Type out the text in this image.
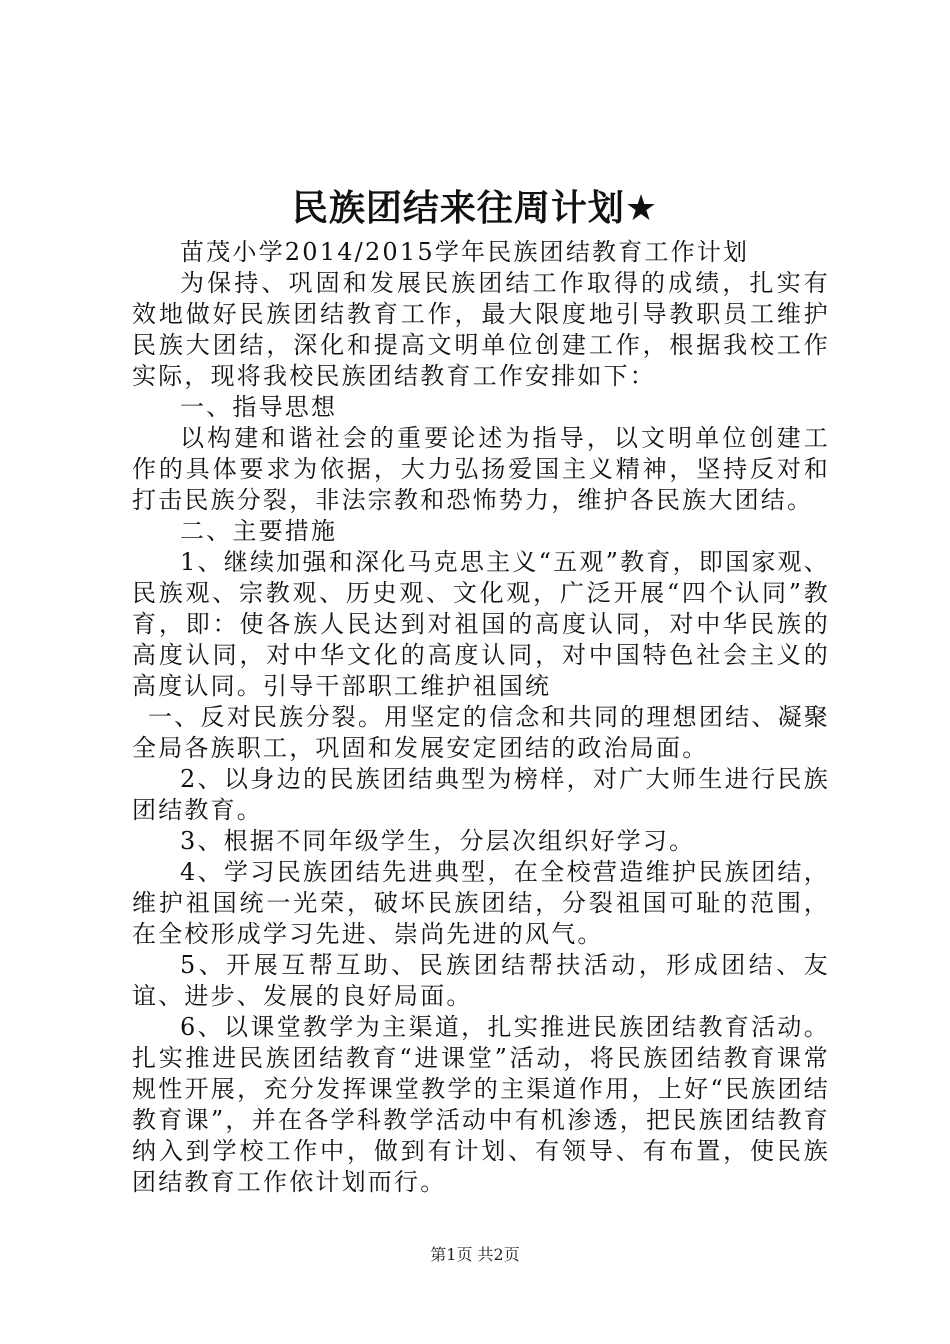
民族团结来往周计划★

苗茂小学2014/2015学年民族团结教育工作计划

为保持、巩固和发展民族团结工作取得的成绩，扎实有效地做好民族团结教育工作，最大限度地引导教职员工维护民族大团结，深化和提高文明单位创建工作，根据我校工作实际，现将我校民族团结教育工作安排如下：

一、指导思想

以构建和谐社会的重要论述为指导，以文明单位创建工作的具体要求为依据，大力弘扬爱国主义精神，坚持反对和打击民族分裂，非法宗教和恐怖势力，维护各民族大团结。

二、主要措施

1、继续加强和深化马克思主义“五观”教育，即国家观、民族观、宗教观、历史观、文化观，广泛开展“四个认同”教育，即：使各族人民达到对祖国的高度认同，对中华民族的高度认同，对中华文化的高度认同，对中国特色社会主义的高度认同。引导干部职工维护祖国统

一、反对民族分裂。用坚定的信念和共同的理想团结、凝聚全局各族职工，巩固和发展安定团结的政治局面。

2、以身边的民族团结典型为榜样，对广大师生进行民族团结教育。

3、根据不同年级学生，分层次组织好学习。

4、学习民族团结先进典型，在全校营造维护民族团结，维护祖国统一光荣，破坏民族团结，分裂祖国可耻的范围，在全校形成学习先进、崇尚先进的风气。

5、开展互帮互助、民族团结帮扶活动，形成团结、友谊、进步、发展的良好局面。

6、以课堂教学为主渠道，扎实推进民族团结教育活动。扎实推进民族团结教育“进课堂”活动，将民族团结教育课常规性开展，充分发挥课堂教学的主渠道作用，上好“民族团结教育课”，并在各学科教学活动中有机渗透，把民族团结教育纳入到学校工作中，做到有计划、有领导、有布置，使民族团结教育工作依计划而行。

第1页 共2页
